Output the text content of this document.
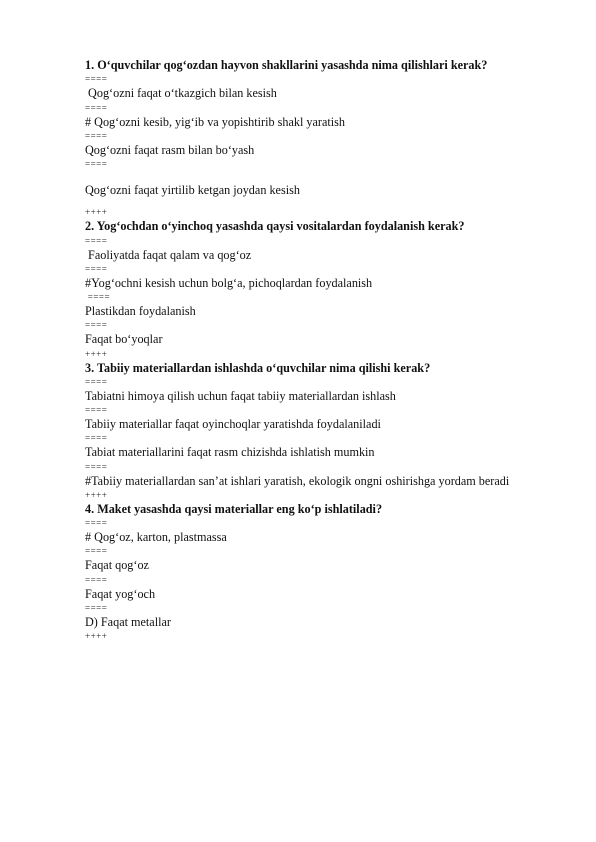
1. O‘quvchilar qog‘ozdan hayvon shakllarini yasashda nima qilishlari kerak?
====
Qog‘ozni faqat o‘tkazgich bilan kesish
====
# Qog‘ozni kesib, yig‘ib va yopishtirib shakl yaratish
====
Qog‘ozni faqat rasm bilan bo‘yash
====
Qog‘ozni faqat yirtilib ketgan joydan kesish
++++
2. Yog‘ochdan o‘yinchoq yasashda qaysi vositalardan foydalanish kerak?
====
Faoliyatda faqat qalam va qog‘oz
====
#Yog‘ochni kesish uchun bolg‘a, pichoqlardan foydalanish
====
Plastikdan foydalanish
====
Faqat bo‘yoqlar
++++
3. Tabiiy materiallardan ishlashda o‘quvchilar nima qilishi kerak?
====
Tabiatni himoya qilish uchun faqat tabiiy materiallardan ishlash
====
Tabiiy materiallar faqat oyinchoqlar yaratishda foydalaniladi
====
Tabiat materiallarini faqat rasm chizishda ishlatish mumkin
====
#Tabiiy materiallardan san’at ishlari yaratish, ekologik ongni oshirishga yordam beradi
++++
4. Maket yasashda qaysi materiallar eng ko‘p ishlatiladi?
====
# Qog‘oz, karton, plastmassa
====
Faqat qog‘oz
====
Faqat yog‘och
====
D) Faqat metallar
++++
